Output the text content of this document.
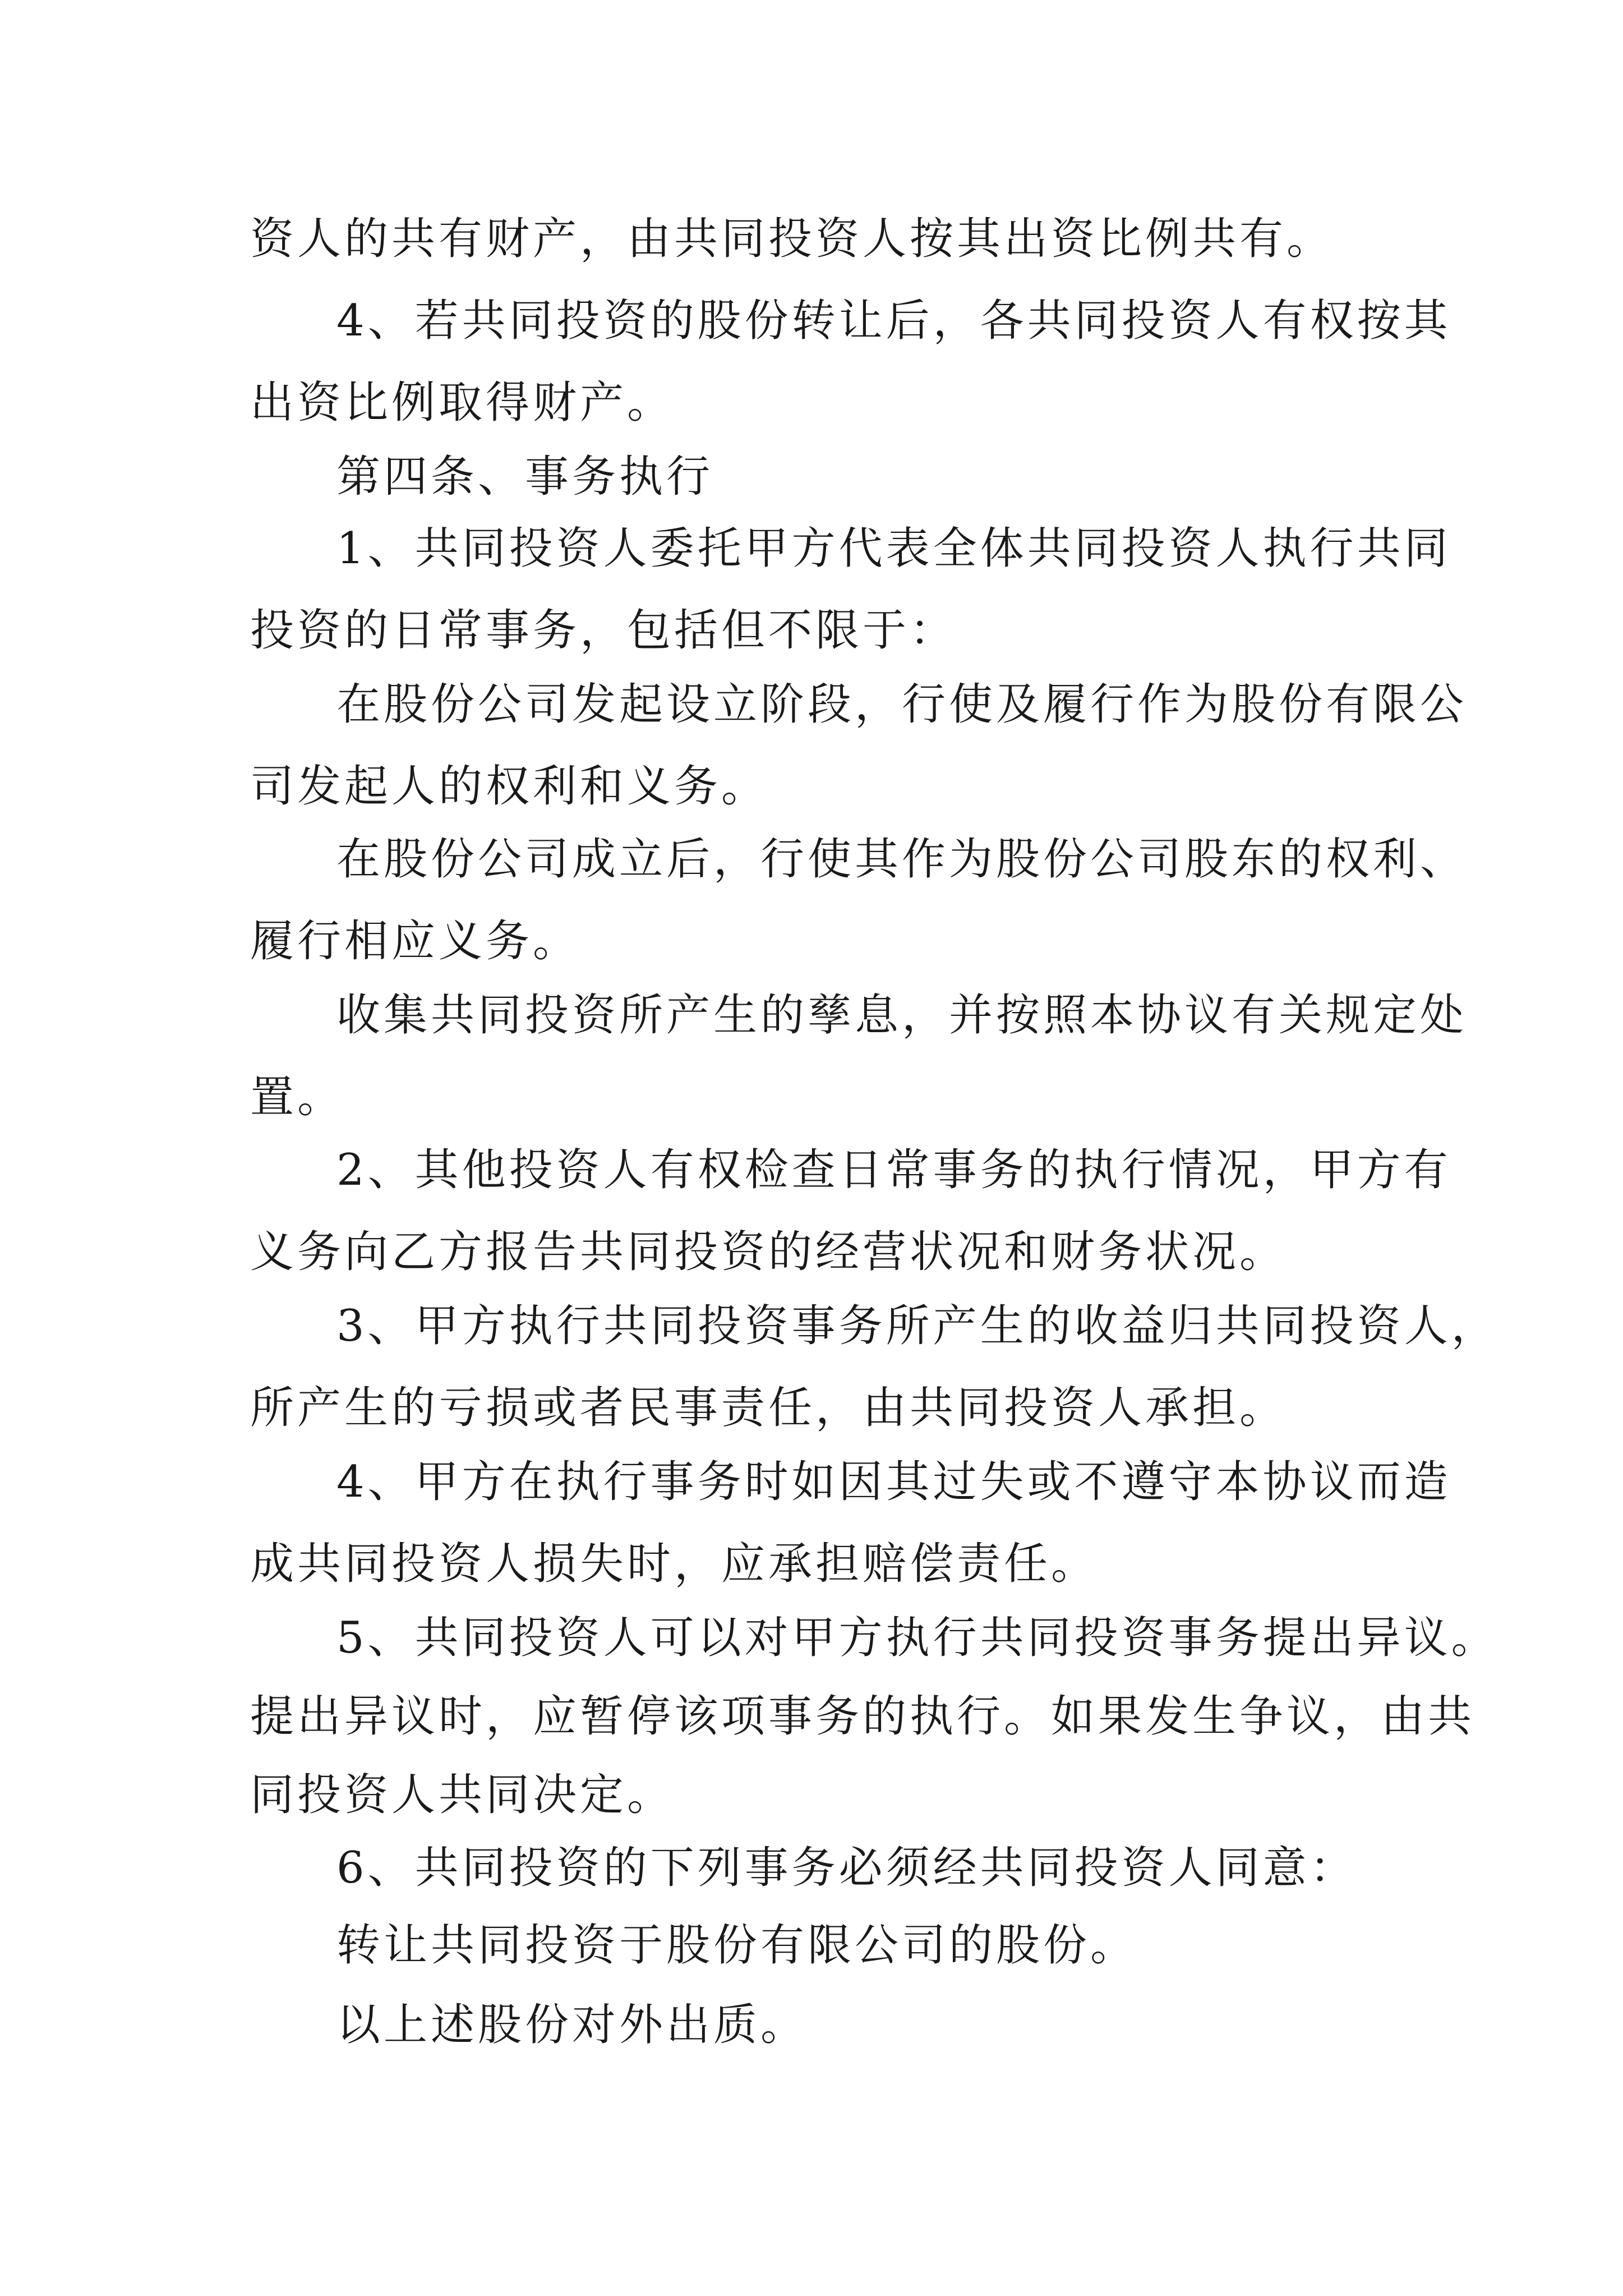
资人的共有财产，由共同投资人按其出资比例共有。

4、若共同投资的股份转让后，各共同投资人有权按其

出资比例取得财产。

第四条、事务执行

1、共同投资人委托甲方代表全体共同投资人执行共同

投资的日常事务，包括但不限于：

在股份公司发起设立阶段，行使及履行作为股份有限公

司发起人的权利和义务。

在股份公司成立后，行使其作为股份公司股东的权利、

履行相应义务。

收集共同投资所产生的孳息，并按照本协议有关规定处

置。

2、其他投资人有权检查日常事务的执行情况，甲方有

义务向乙方报告共同投资的经营状况和财务状况。

3、甲方执行共同投资事务所产生的收益归共同投资人，

所产生的亏损或者民事责任，由共同投资人承担。

4、甲方在执行事务时如因其过失或不遵守本协议而造

成共同投资人损失时，应承担赔偿责任。

5、共同投资人可以对甲方执行共同投资事务提出异议。

提出异议时，应暂停该项事务的执行。如果发生争议，由共

同投资人共同决定。

6、共同投资的下列事务必须经共同投资人同意：

转让共同投资于股份有限公司的股份。

以上述股份对外出质。
